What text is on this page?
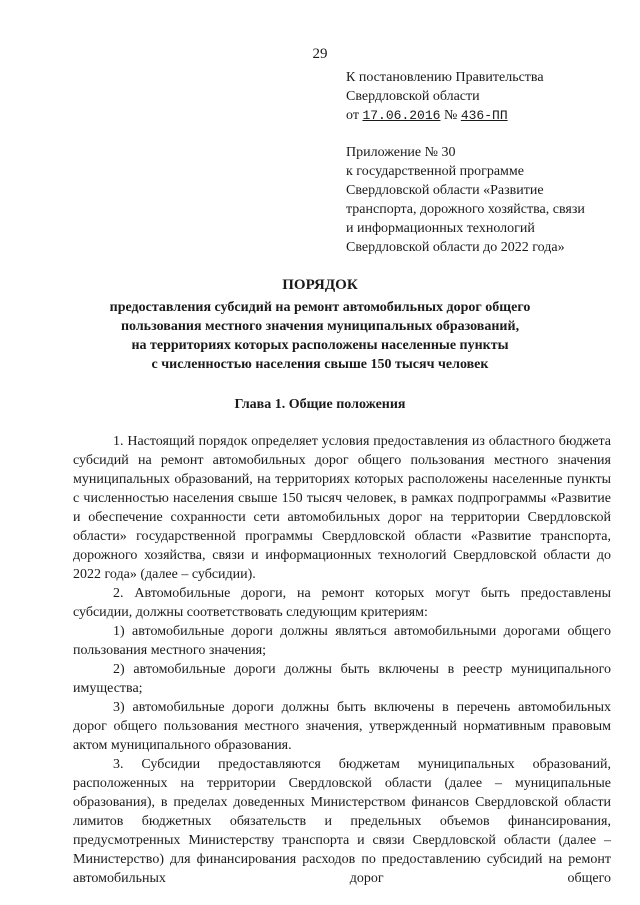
29
К постановлению Правительства
Свердловской области
от 17.06.2016 № 436-ПП
Приложение № 30
к государственной программе
Свердловской области «Развитие
транспорта, дорожного хозяйства, связи
и информационных технологий
Свердловской области до 2022 года»
ПОРЯДОК
предоставления субсидий на ремонт автомобильных дорог общего
пользования местного значения муниципальных образований,
на территориях которых расположены населенные пункты
с численностью населения свыше 150 тысяч человек
Глава 1. Общие положения

1. Настоящий порядок определяет условия предоставления из областного бюджета субсидий на ремонт автомобильных дорог общего пользования местного значения муниципальных образований, на территориях которых расположены населенные пункты с численностью населения свыше 150 тысяч человек, в рамках подпрограммы «Развитие и обеспечение сохранности сети автомобильных дорог на территории Свердловской области» государственной программы Свердловской области «Развитие транспорта, дорожного хозяйства, связи и информационных технологий Свердловской области до 2022 года» (далее – субсидии).

2. Автомобильные дороги, на ремонт которых могут быть предоставлены субсидии, должны соответствовать следующим критериям:

1) автомобильные дороги должны являться автомобильными дорогами общего пользования местного значения;

2) автомобильные дороги должны быть включены в реестр муниципального имущества;

3) автомобильные дороги должны быть включены в перечень автомобильных дорог общего пользования местного значения, утвержденный нормативным правовым актом муниципального образования.

3. Субсидии предоставляются бюджетам муниципальных образований, расположенных на территории Свердловской области (далее – муниципальные образования), в пределах доведенных Министерством финансов Свердловской области лимитов бюджетных обязательств и предельных объемов финансирования, предусмотренных Министерству транспорта и связи Свердловской области (далее – Министерство) для финансирования расходов по предоставлению субсидий на ремонт автомобильных дорог общего
